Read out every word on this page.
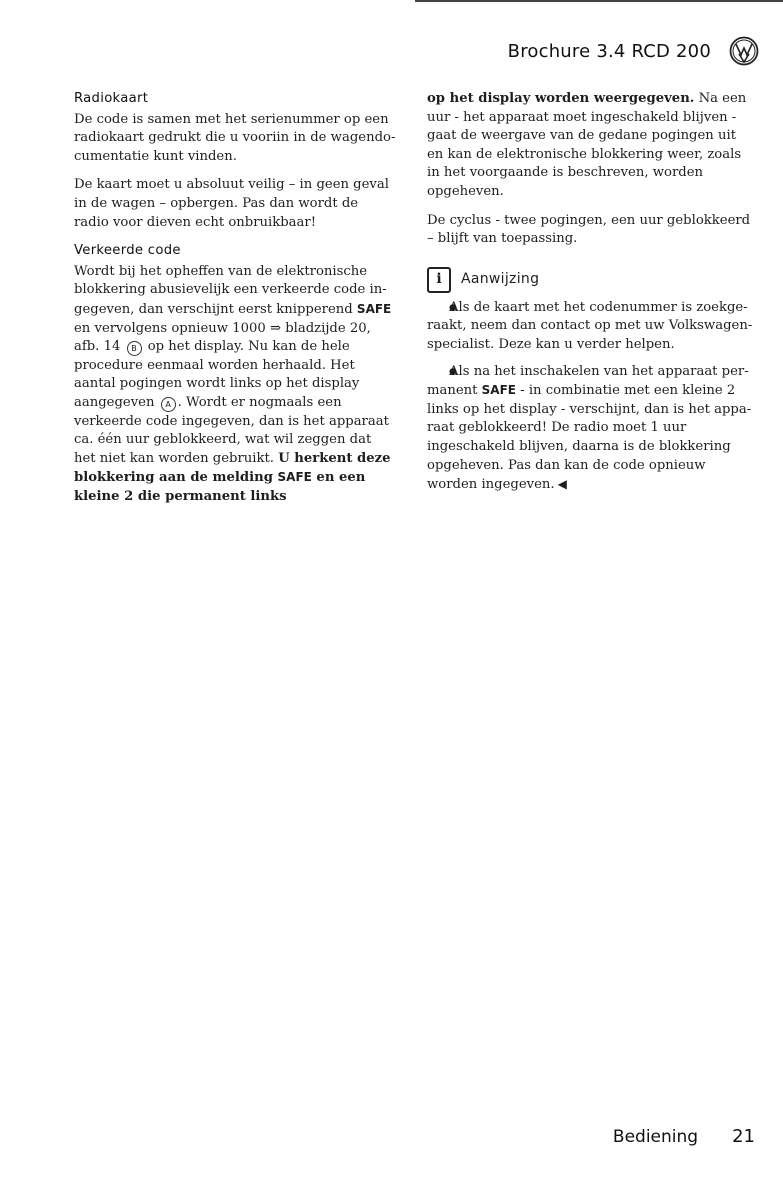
Brochure 3.4 RCD 200
Radiokaart

De code is samen met het serienummer op een radiokaart gedrukt die u vooriin in de wagendocumentatie kunt vinden.

De kaart moet u absoluut veilig – in geen geval in de wagen – opbergen. Pas dan wordt de radio voor dieven echt onbruikbaar!

Verkeerde code

Wordt bij het opheffen van de elektronische blokkering abusievelijk een verkeerde code ingegeven, dan verschijnt eerst knipperend SAFE en vervolgens opnieuw 1000 ⇒ bladzijde 20, afb. 14 B op het display. Nu kan de hele procedure eenmaal worden herhaald. Het aantal pogingen wordt links op het display aangegeven A . Wordt er nogmaals een verkeerde code ingegeven, dan is het apparaat ca. één uur geblokkeerd, wat wil zeggen dat het niet kan worden gebruikt. U herkent deze blokkering aan de melding SAFE en een kleine 2 die permanent links

op het display worden weergegeven. Na een uur - het apparaat moet ingeschakeld blijven - gaat de weergave van de gedane pogingen uit en kan de elektronische blokkering weer, zoals in het voorgaande is beschreven, worden opgeheven.

De cyclus - twee pogingen, een uur geblokkeerd – blijft van toepassing.

i	Aanwijzing

● Als de kaart met het codenummer is zoekgeraakt, neem dan contact op met uw Volkswagen-specialist. Deze kan u verder helpen.

● Als na het inschakelen van het apparaat permanent SAFE - in combinatie met een kleine 2 links op het display - verschijnt, dan is het apparaat geblokkeerd! De radio moet 1 uur ingeschakeld blijven, daarna is de blokkering opgeheven. Pas dan kan de code opnieuw worden ingegeven. ◀

Bediening 21
